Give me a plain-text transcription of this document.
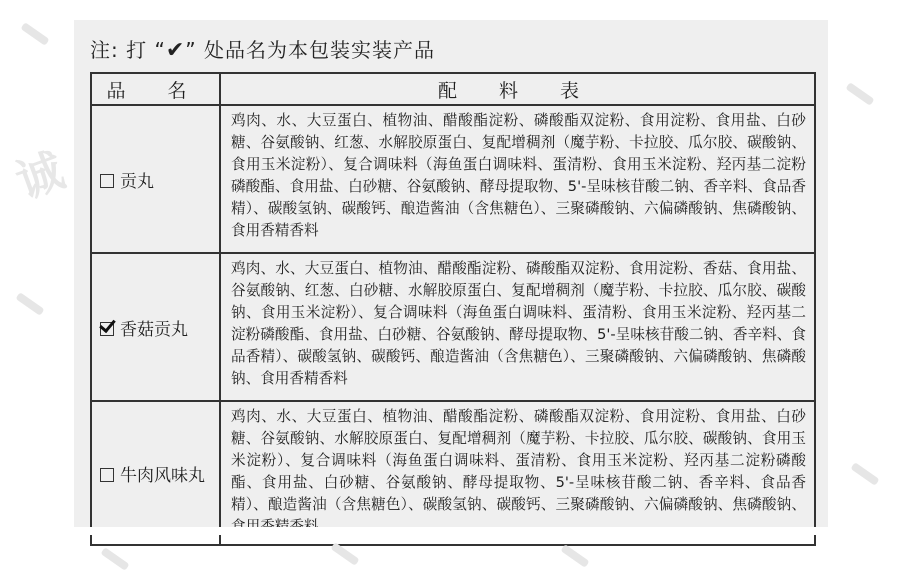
诚
注: 打 “✔” 处品名为本包装实装产品
品 名	配 料 表
贡丸	鸡肉、水、大豆蛋白、植物油、醋酸酯淀粉、磷酸酯双淀粉、食用淀粉、食用盐、白砂糖、谷氨酸钠、红葱、水解胶原蛋白、复配增稠剂（魔芋粉、卡拉胶、瓜尔胶、碳酸钠、食用玉米淀粉）、复合调味料（海鱼蛋白调味料、蛋清粉、食用玉米淀粉、羟丙基二淀粉磷酸酯、食用盐、白砂糖、谷氨酸钠、酵母提取物、5'-呈味核苷酸二钠、香辛料、食品香精）、碳酸氢钠、碳酸钙、酿造酱油（含焦糖色）、三聚磷酸钠、六偏磷酸钠、焦磷酸钠、食用香精香料
香菇贡丸	鸡肉、水、大豆蛋白、植物油、醋酸酯淀粉、磷酸酯双淀粉、食用淀粉、香菇、食用盐、谷氨酸钠、红葱、白砂糖、水解胶原蛋白、复配增稠剂（魔芋粉、卡拉胶、瓜尔胶、碳酸钠、食用玉米淀粉）、复合调味料（海鱼蛋白调味料、蛋清粉、食用玉米淀粉、羟丙基二淀粉磷酸酯、食用盐、白砂糖、谷氨酸钠、酵母提取物、5'-呈味核苷酸二钠、香辛料、食品香精）、碳酸氢钠、碳酸钙、酿造酱油（含焦糖色）、三聚磷酸钠、六偏磷酸钠、焦磷酸钠、食用香精香料
牛肉风味丸	鸡肉、水、大豆蛋白、植物油、醋酸酯淀粉、磷酸酯双淀粉、食用淀粉、食用盐、白砂糖、谷氨酸钠、水解胶原蛋白、复配增稠剂（魔芋粉、卡拉胶、瓜尔胶、碳酸钠、食用玉米淀粉）、复合调味料（海鱼蛋白调味料、蛋清粉、食用玉米淀粉、羟丙基二淀粉磷酸酯、食用盐、白砂糖、谷氨酸钠、酵母提取物、5'-呈味核苷酸二钠、香辛料、食品香精）、酿造酱油（含焦糖色）、碳酸氢钠、碳酸钙、三聚磷酸钠、六偏磷酸钠、焦磷酸钠、
